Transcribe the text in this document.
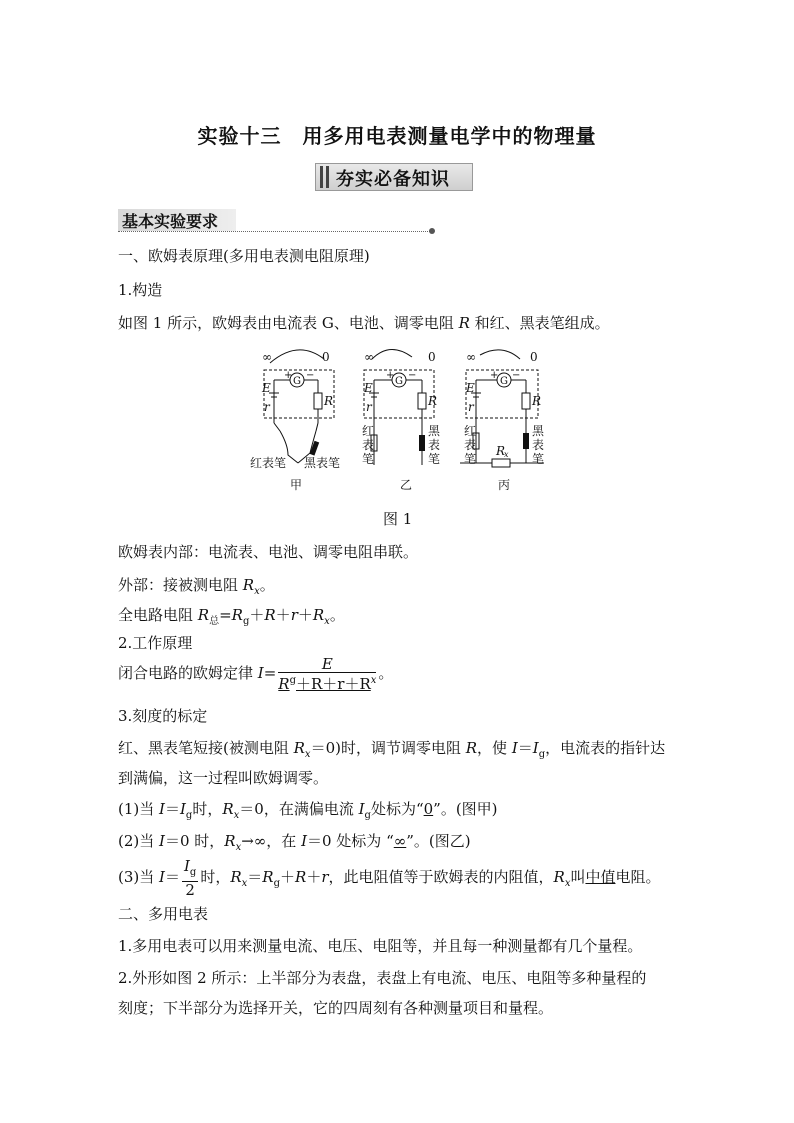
实验十三　用多用电表测量电学中的物理量
夯实必备知识
基本实验要求
一、欧姆表原理(多用电表测电阻原理)
1.构造
如图 1 所示，欧姆表由电流表 G、电池、调零电阻 R 和红、黑表笔组成。
∞	0	∞	0	∞	0
G	G	G
+	+	+
−	−	−
E	E	E
r	r	r
R	R	R
红表笔 黑表笔
红
表
笔
黑
表
笔
红
表
笔
黑
表
笔
R
x
甲	乙	丙
图 1
欧姆表内部：电流表、电池、调零电阻串联。
外部：接被测电阻 $R_x$。
全电路电阻 $R_总=R_g+R+r+R_x$。
2.工作原理
闭合电路的欧姆定律 $I= \frac{E}{R^g+R+r+R^x}$ 。
3.刻度的标定
红、黑表笔短接(被测电阻 $R_x=0$)时，调节调零电阻 R，使 $I=I_g$，电流表的指针达
到满偏，这一过程叫欧姆调零。
(1)当 $I=I_g$时，$R_x=0$，在满偏电流 $I_g$处标为“0”。(图甲)
(2)当 I＝0 时，$R_x\to\infty$，在 I＝0 处标为 “∞”。(图乙)
(3)当 $I= \frac{I_g}{2}$ 时，$R_x=R_g+R+r$，此电阻值等于欧姆表的内阻值，$R_x$叫中值电阻。
二、多用电表
1.多用电表可以用来测量电流、电压、电阻等，并且每一种测量都有几个量程。
2.外形如图 2 所示：上半部分为表盘，表盘上有电流、电压、电阻等多种量程的
刻度；下半部分为选择开关，它的四周刻有各种测量项目和量程。
